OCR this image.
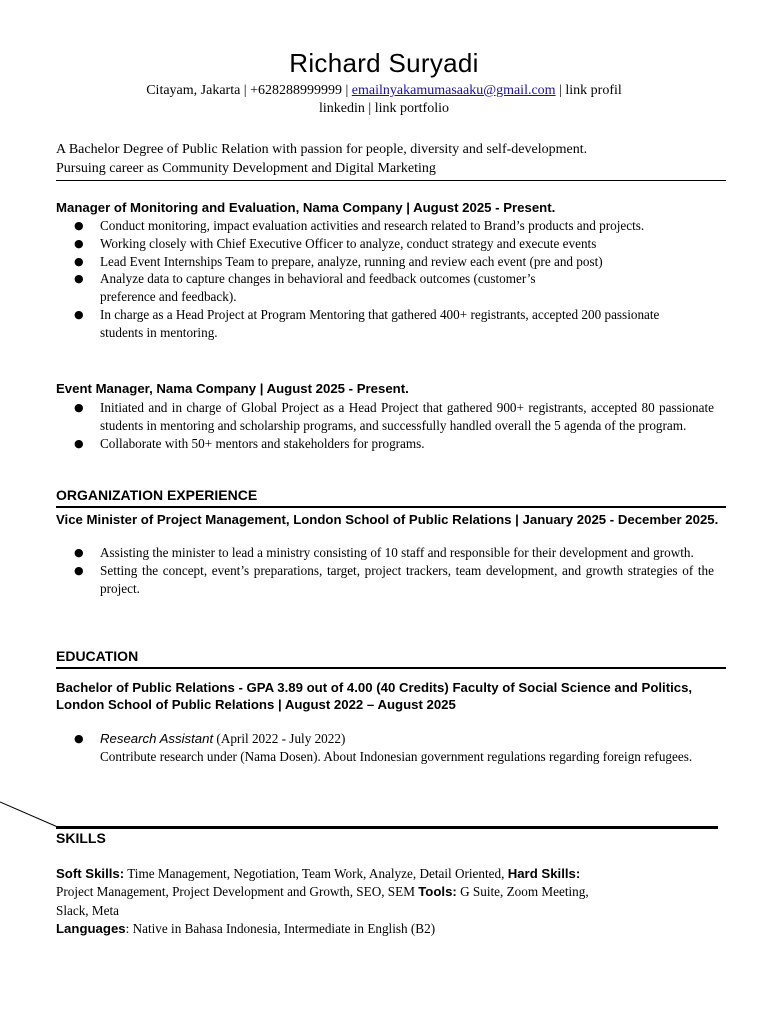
Richard Suryadi
Citayam, Jakarta | +628288999999 | emailnyakamumasaaku@gmail.com | link profil
linkedin | link portfolio
A Bachelor Degree of Public Relation with passion for people, diversity and self-development.
Pursuing career as Community Development and Digital Marketing
Manager of Monitoring and Evaluation, Nama Company | August 2025 - Present.
● Conduct monitoring, impact evaluation activities and research related to Brand’s products and projects.
● Working closely with Chief Executive Officer to analyze, conduct strategy and execute events
● Lead Event Internships Team to prepare, analyze, running and review each event (pre and post)
● Analyze data to capture changes in behavioral and feedback outcomes (customer’s preference and feedback).
● In charge as a Head Project at Program Mentoring that gathered 400+ registrants, accepted 200 passionate students in mentoring.
Event Manager, Nama Company | August 2025 - Present.
● Initiated and in charge of Global Project as a Head Project that gathered 900+ registrants, accepted 80 passionate students in mentoring and scholarship programs, and successfully handled overall the 5 agenda of the program.
● Collaborate with 50+ mentors and stakeholders for programs.
ORGANIZATION EXPERIENCE
Vice Minister of Project Management, London School of Public Relations | January 2025 - December 2025.
● Assisting the minister to lead a ministry consisting of 10 staff and responsible for their development and growth.
● Setting the concept, event’s preparations, target, project trackers, team development, and growth strategies of the project.
EDUCATION
Bachelor of Public Relations - GPA 3.89 out of 4.00 (40 Credits) Faculty of Social Science and Politics, London School of Public Relations | August 2022 – August 2025
● Research Assistant (April 2022 - July 2022)
Contribute research under (Nama Dosen). About Indonesian government regulations regarding foreign refugees.
SKILLS
Soft Skills: Time Management, Negotiation, Team Work, Analyze, Detail Oriented, Hard Skills: Project Management, Project Development and Growth, SEO, SEM Tools: G Suite, Zoom Meeting, Slack, Meta
Languages: Native in Bahasa Indonesia, Intermediate in English (B2)
